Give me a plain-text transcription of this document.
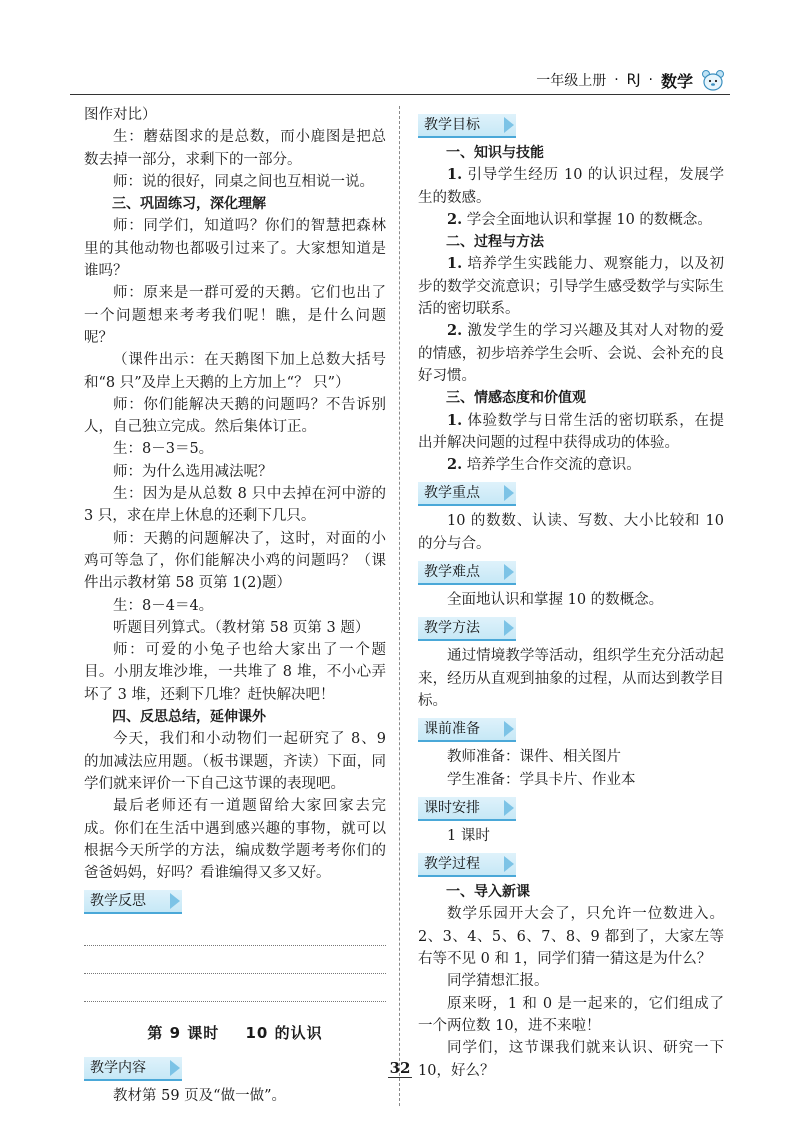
一年级上册 · RJ · 数学

图作对比）

生：蘑菇图求的是总数，而小鹿图是把总数去掉一部分，求剩下的一部分。

师：说的很好，同桌之间也互相说一说。

三、巩固练习，深化理解

师：同学们，知道吗？你们的智慧把森林里的其他动物也都吸引过来了。大家想知道是谁吗？

师：原来是一群可爱的天鹅。它们也出了一个问题想来考考我们呢！瞧，是什么问题呢？

（课件出示：在天鹅图下加上总数大括号和“8 只”及岸上天鹅的上方加上“？ 只”）

师：你们能解决天鹅的问题吗？不告诉别人，自己独立完成。然后集体订正。

生：8－3＝5。

师：为什么选用减法呢？

生：因为是从总数 8 只中去掉在河中游的 3 只，求在岸上休息的还剩下几只。

师：天鹅的问题解决了，这时，对面的小鸡可等急了，你们能解决小鸡的问题吗？（课件出示教材第 58 页第 1(2)题）

生：8－4＝4。

听题目列算式。（教材第 58 页第 3 题）

师：可爱的小兔子也给大家出了一个题目。小朋友堆沙堆，一共堆了 8 堆，不小心弄坏了 3 堆，还剩下几堆？赶快解决吧！

四、反思总结，延伸课外

今天，我们和小动物们一起研究了 8、9 的加减法应用题。（板书课题，齐读）下面，同学们就来评价一下自己这节课的表现吧。

最后老师还有一道题留给大家回家去完成。你们在生活中遇到感兴趣的事物，就可以根据今天所学的方法，编成数学题考考你们的爸爸妈妈，好吗？看谁编得又多又好。

教学反思
第 9 课时 10 的认识
教学内容

教材第 59 页及“做一做”。

教学目标

一、知识与技能

1. 引导学生经历 10 的认识过程，发展学生的数感。

2. 学会全面地认识和掌握 10 的数概念。

二、过程与方法

1. 培养学生实践能力、观察能力，以及初步的数学交流意识；引导学生感受数学与实际生活的密切联系。

2. 激发学生的学习兴趣及其对人对物的爱的情感，初步培养学生会听、会说、会补充的良好习惯。

三、情感态度和价值观

1. 体验数学与日常生活的密切联系，在提出并解决问题的过程中获得成功的体验。

2. 培养学生合作交流的意识。

教学重点

10 的数数、认读、写数、大小比较和 10 的分与合。

教学难点

全面地认识和掌握 10 的数概念。

教学方法

通过情境教学等活动，组织学生充分活动起来，经历从直观到抽象的过程，从而达到教学目标。

课前准备

教师准备：课件、相关图片

学生准备：学具卡片、作业本

课时安排

1 课时

教学过程

一、导入新课

数学乐园开大会了，只允许一位数进入。2、3、4、5、6、7、8、9 都到了，大家左等右等不见 0 和 1，同学们猜一猜这是为什么？

同学猜想汇报。

原来呀，1 和 0 是一起来的，它们组成了一个两位数 10，进不来啦！

同学们，这节课我们就来认识、研究一下 10，好么？

32
